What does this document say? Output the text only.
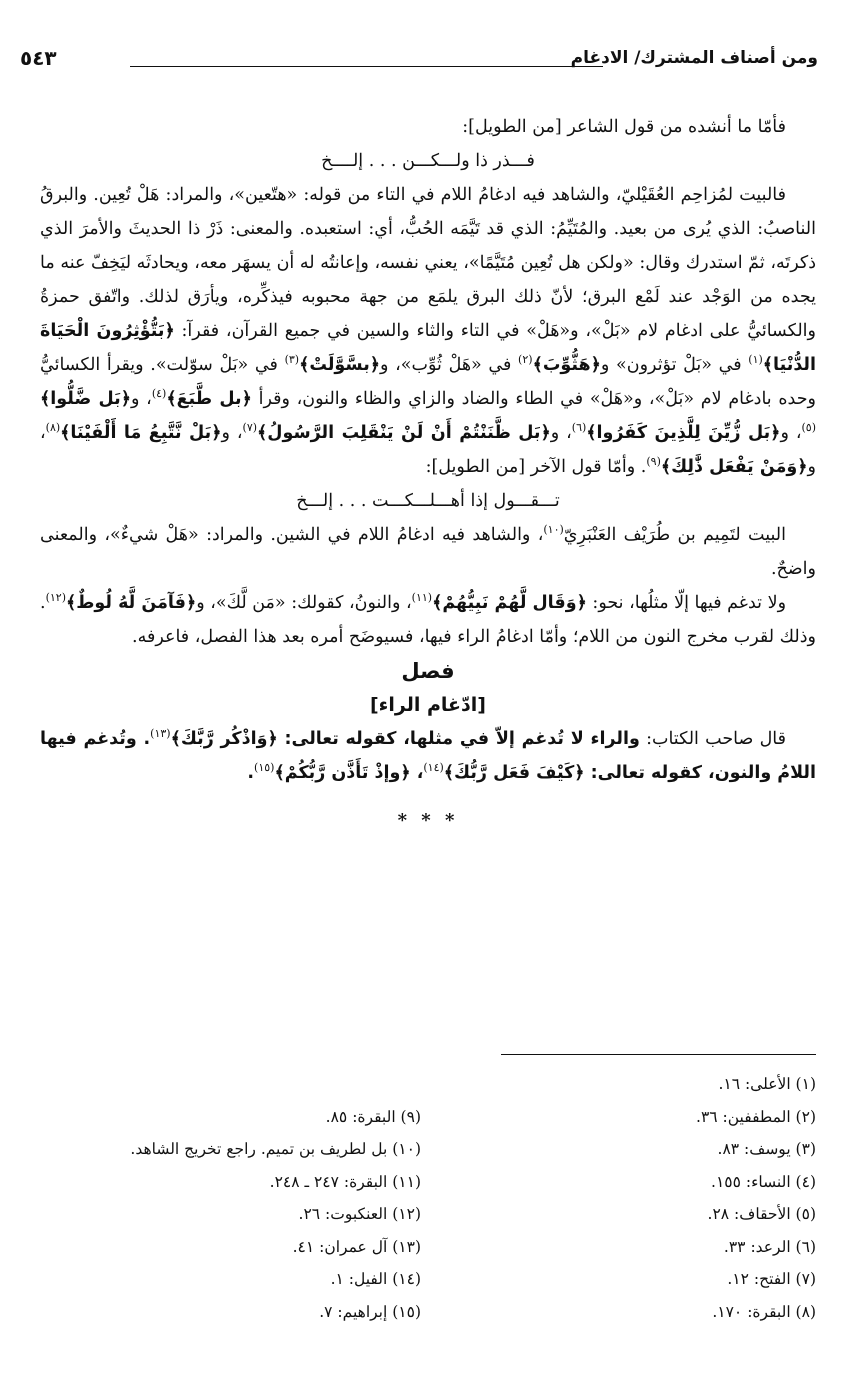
ومن أصناف المشترك/ الادغام
٥٤٣

فأمّا ما أنشده من قول الشاعر [من الطويل]:

فـــذر ذا ولـــكـــن . . . إلــــخ

فالبيت لمُزاحِم العُقَيْليّ، والشاهد فيه ادغامُ اللام في التاء من قوله: «هتّعين»، والمراد: هَلْ تُعِين. والبرقُ الناصبُ: الذي يُرى من بعيد. والمُتَيِّمُ: الذي قد تَيَّمَه الحُبُّ، أي: استعبده. والمعنى: ذَرْ ذا الحديثَ والأمرَ الذي ذكرتَه، ثمّ استدرك وقال: «ولكن هل تُعِين مُتَيَّمًا»، يعني نفسه، وإعانتُه له أن يسهَر معه، ويحادثَه ليَخِفّ عنه ما يجده من الوَجْد عند لَمْع البرق؛ لأنّ ذلك البرق يلمَع من جهة محبوبه فيذكِّره، ويأرَق لذلك. واتّفق حمزةُ والكسائيُّ على ادغام لام «بَلْ»، و«هَلْ» في التاء والثاء والسين في جميع القرآن، فقرآ: ﴿بَتُّؤْثِرُونَ الْحَيَاةَ الدُّنْيَا﴾$^{(١)}$ في «بَلْ تؤثرون» و﴿هَثُّوِّبَ﴾$^{(٢)}$ في «هَلْ ثُوِّب»، و﴿بسَّوَّلَتْ﴾$^{(٣)}$ في «بَلْ سوّلت». ويقرأ الكسائيُّ وحده بادغام لام «بَلْ»، و«هَلْ» في الطاء والضاد والزاي والظاء والنون، وقرأ ﴿بل طَّبَعَ﴾$^{(٤)}$، و﴿بَل ضَّلُّوا﴾$^{(٥)}$، و﴿بَل زُّيِّنَ لِلَّذِينَ كَفَرُوا﴾$^{(٦)}$، و﴿بَل ظَّنَنْتُمْ أَنْ لَنْ يَنْقَلِبَ الرَّسُولُ﴾$^{(٧)}$، و﴿بَلْ نَّتَّبِعُ مَا أَلْفَيْنَا﴾$^{(٨)}$، و﴿وَمَنْ يَفْعَل ذَّٰلِكَ﴾$^{(٩)}$. وأمّا قول الآخر [من الطويل]:

تـــقـــول إذا أهـــلـــكـــت . . . إلـــخ

البيت لتَمِيم بن طُرَيْف العَنْبَرِيّ$^{(١٠)}$، والشاهد فيه ادغامُ اللام في الشين. والمراد: «هَلْ شيءٌ»، والمعنى واضحٌ.

ولا تدغم فيها إلّا مثلُها، نحو: ﴿وَقَال لَّهُمْ نَبِيُّهُمْ﴾$^{(١١)}$، والنونُ، كقولك: «مَن لَّكَ»، و﴿فَآمَنَ لَّهُ لُوطٌ﴾$^{(١٢)}$. وذلك لقرب مخرج النون من اللام؛ وأمّا ادغامُ الراء فيها، فسيوضَح أمره بعد هذا الفصل، فاعرفه.

فصل

[ادّغام الراء]

قال صاحب الكتاب: والراء لا تُدغم إلاّ في مثلها، كقوله تعالى: ﴿وَاذْكُر رَّبَّكَ﴾$^{(١٣)}$. وتُدغم فيها اللامُ والنون، كقوله تعالى: ﴿كَيْفَ فَعَل رَّبُّكَ﴾$^{(١٤)}$، ﴿وإذْ تَأَذَّن رَّبُّكُمْ﴾$^{(١٥)}$.

* * *

(١) الأعلى: ١٦.
(٢) المطففين: ٣٦.
(٣) يوسف: ٨٣.
(٤) النساء: ١٥٥.
(٥) الأحقاف: ٢٨.
(٦) الرعد: ٣٣.
(٧) الفتح: ١٢.
(٨) البقرة: ١٧٠.
(٩) البقرة: ٨٥.
(١٠) بل لطريف بن تميم. راجع تخريج الشاهد.
(١١) البقرة: ٢٤٧ ـ ٢٤٨.
(١٢) العنكبوت: ٢٦.
(١٣) آل عمران: ٤١.
(١٤) الفيل: ١.
(١٥) إبراهيم: ٧.
